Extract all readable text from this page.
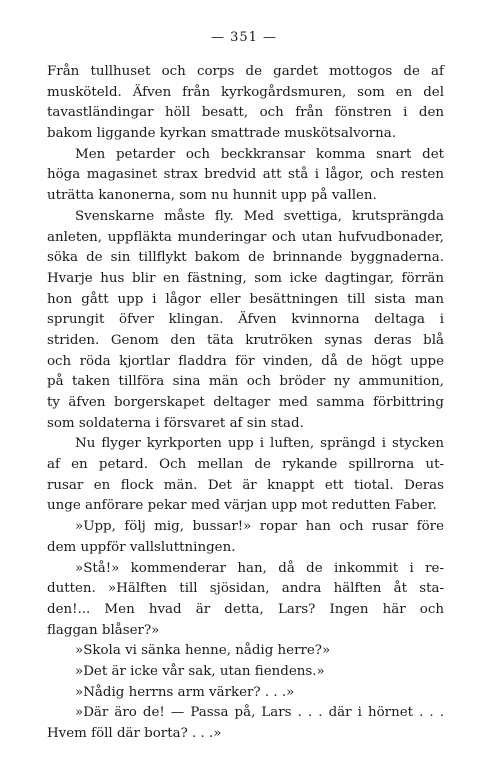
— 351 —
Från tullhuset och corps de gardet mottogos de af
musköteld. Äfven från kyrkogårdsmuren, som en del
tavastländingar höll besatt, och från fönstren i den
bakom liggande kyrkan smattrade muskötsalvorna.
Men petarder och beckkransar komma snart det
höga magasinet strax bredvid att stå i lågor, och resten
uträtta kanonerna, som nu hunnit upp på vallen.
Svenskarne måste fly. Med svettiga, krutsprängda
anleten, uppfläkta munderingar och utan hufvudbonader,
söka de sin tillflykt bakom de brinnande byggnaderna.
Hvarje hus blir en fästning, som icke dagtingar, förrän
hon gått upp i lågor eller besättningen till sista man
sprungit öfver klingan. Äfven kvinnorna deltaga i
striden. Genom den täta krutröken synas deras blå
och röda kjortlar fladdra för vinden, då de högt uppe
på taken tillföra sina män och bröder ny ammunition,
ty äfven borgerskapet deltager med samma förbittring
som soldaterna i försvaret af sin stad.
Nu flyger kyrkporten upp i luften, sprängd i stycken
af en petard. Och mellan de rykande spillrorna ut-
rusar en flock män. Det är knappt ett tiotal. Deras
unge anförare pekar med värjan upp mot redutten Faber.
»Upp, följ mig, bussar!» ropar han och rusar före
dem uppför vallsluttningen.
»Stå!» kommenderar han, då de inkommit i re-
dutten. »Hälften till sjösidan, andra hälften åt sta-
den!... Men hvad är detta, Lars? Ingen här och
flaggan blåser?»
»Skola vi sänka henne, nådig herre?»
»Det är icke vår sak, utan fiendens.»
»Nådig herrns arm värker? . . .»
»Där äro de! — Passa på, Lars . . . där i hörnet . . .
Hvem föll där borta? . . .»
